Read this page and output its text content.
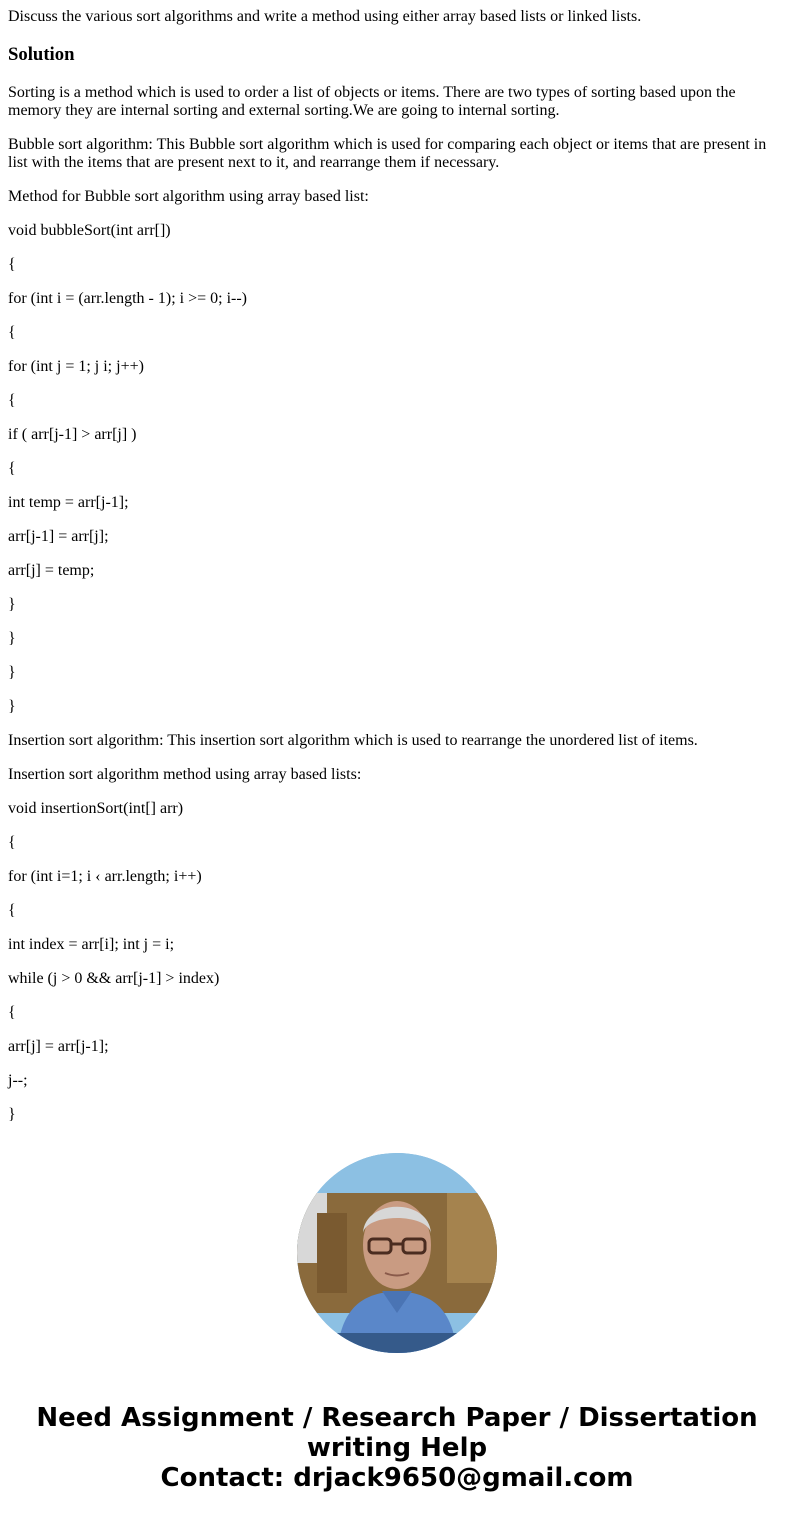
Discuss the various sort algorithms and write a method using either array based lists or linked lists.

Solution

Sorting is a method which is used to order a list of objects or items. There are two types of sorting based upon the memory they are internal sorting and external sorting.We are going to internal sorting.

Bubble sort algorithm: This Bubble sort algorithm which is used for comparing each object or items that are present in list with the items that are present next to it, and rearrange them if necessary.

Method for Bubble sort algorithm using array based list:

void bubbleSort(int arr[])

{

for (int i = (arr.length - 1); i >= 0; i--)

{

for (int j = 1; j i; j++)

{

if ( arr[j-1] > arr[j] )

{

int temp = arr[j-1];

arr[j-1] = arr[j];

arr[j] = temp;

}

}

}

}

Insertion sort algorithm: This insertion sort algorithm which is used to rearrange the unordered list of items.

Insertion sort algorithm method using array based lists:

void insertionSort(int[] arr)

{

for (int i=1; i ‹ arr.length; i++)

{

int index = arr[i]; int j = i;

while (j > 0 && arr[j-1] > index)

{

arr[j] = arr[j-1];

j--;

}

Need Assignment / Research Paper / Dissertation
writing Help
Contact: drjack9650@gmail.com
